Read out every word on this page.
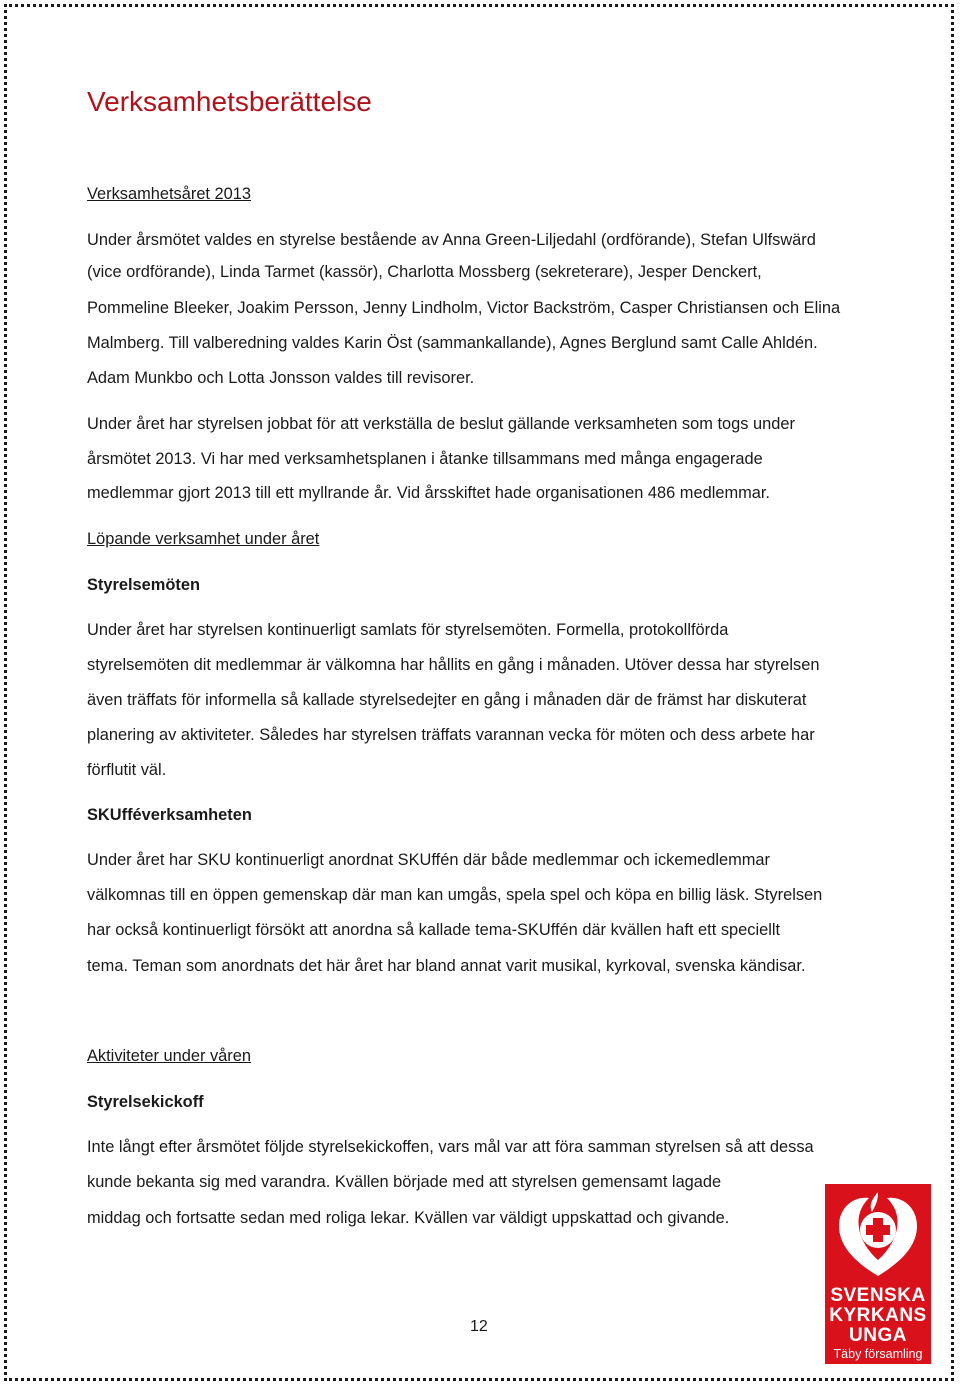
Verksamhetsberättelse

Verksamhetsåret 2013

Under årsmötet valdes en styrelse bestående av Anna Green-Liljedahl (ordförande), Stefan Ulfswärd

(vice ordförande), Linda Tarmet (kassör), Charlotta Mossberg (sekreterare), Jesper Denckert,

Pommeline Bleeker, Joakim Persson, Jenny Lindholm, Victor Backström, Casper Christiansen och Elina

Malmberg. Till valberedning valdes Karin Öst (sammankallande), Agnes Berglund samt Calle Ahldén.

Adam Munkbo och Lotta Jonsson valdes till revisorer.

Under året har styrelsen jobbat för att verkställa de beslut gällande verksamheten som togs under

årsmötet 2013. Vi har med verksamhetsplanen i åtanke tillsammans med många engagerade

medlemmar gjort 2013 till ett myllrande år. Vid årsskiftet hade organisationen 486 medlemmar.

Löpande verksamhet under året

Styrelsemöten

Under året har styrelsen kontinuerligt samlats för styrelsemöten. Formella, protokollförda

styrelsemöten dit medlemmar är välkomna har hållits en gång i månaden. Utöver dessa har styrelsen

även träffats för informella så kallade styrelsedejter en gång i månaden där de främst har diskuterat

planering av aktiviteter. Således har styrelsen träffats varannan vecka för möten och dess arbete har

förflutit väl.

SKUfféverksamheten

Under året har SKU kontinuerligt anordnat SKUffén där både medlemmar och ickemedlemmar

välkomnas till en öppen gemenskap där man kan umgås, spela spel och köpa en billig läsk. Styrelsen

har också kontinuerligt försökt att anordna så kallade tema-SKUffén där kvällen haft ett speciellt

tema. Teman som anordnats det här året har bland annat varit musikal, kyrkoval, svenska kändisar.

Aktiviteter under våren

Styrelsekickoff

Inte långt efter årsmötet följde styrelsekickoffen, vars mål var att föra samman styrelsen så att dessa

kunde bekanta sig med varandra. Kvällen började med att styrelsen gemensamt lagade

middag och fortsatte sedan med roliga lekar. Kvällen var väldigt uppskattad och givande.

SVENSKA
KYRKANS
UNGA
Täby församling
12
